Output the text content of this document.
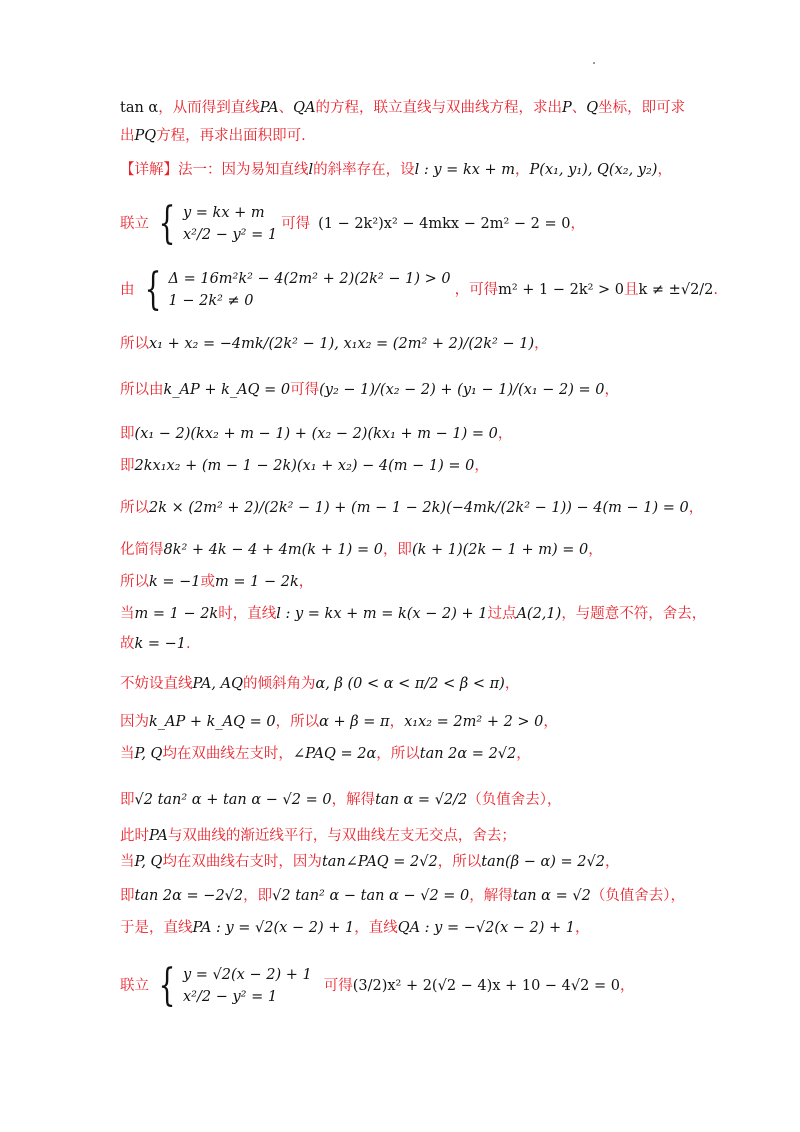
tan α ，从而得到直线 PA 、 QA 的方程，联立直线与双曲线方程，求出 P 、 Q 坐标，即可求
出 PQ 方程，再求出面积即可.
【详解】法一：因为易知直线 l 的斜率存在，设 l : y = kx + m ， P(x₁, y₁), Q(x₂, y₂) ，
联立 { y = kx + m
x²/2 − y² = 1
可得 (1 − 2k²)x² − 4mkx − 2m² − 2 = 0 ，
由 { Δ = 16m²k² − 4(2m² + 2)(2k² − 1) > 0
1 − 2k² ≠ 0
，可得 m² + 1 − 2k² > 0 且 k ≠ ±√2/2 .
所以 x₁ + x₂ = −4mk/(2k² − 1), x₁x₂ = (2m² + 2)/(2k² − 1) ，
所以由 k_AP + k_AQ = 0 可得 (y₂ − 1)/(x₂ − 2) + (y₁ − 1)/(x₁ − 2) = 0 ，
即 (x₁ − 2)(kx₂ + m − 1) + (x₂ − 2)(kx₁ + m − 1) = 0 ，
即 2kx₁x₂ + (m − 1 − 2k)(x₁ + x₂) − 4(m − 1) = 0 ，
所以 2k × (2m² + 2)/(2k² − 1) + (m − 1 − 2k)(−4mk/(2k² − 1)) − 4(m − 1) = 0 ，
化简得 8k² + 4k − 4 + 4m(k + 1) = 0 ，即 (k + 1)(2k − 1 + m) = 0 ，
所以 k = −1 或 m = 1 − 2k ，
当 m = 1 − 2k 时，直线 l : y = kx + m = k(x − 2) + 1 过点 A(2,1) ，与题意不符，舍去，
故 k = −1 .
不妨设直线 PA, AQ 的倾斜角为 α, β (0 < α < π/2 < β < π) ，
因为 k_AP + k_AQ = 0 ，所以 α + β = π ， x₁x₂ = 2m² + 2 > 0 ，
当 P, Q 均在双曲线左支时， ∠PAQ = 2α ，所以 tan 2α = 2√2 ，
即 √2 tan² α + tan α − √2 = 0 ，解得 tan α = √2/2 （负值舍去），
此时 PA 与双曲线的渐近线平行，与双曲线左支无交点，舍去；
当 P, Q 均在双曲线右支时，因为 tan∠PAQ = 2√2 ，所以 tan(β − α) = 2√2 ，
即 tan 2α = −2√2 ，即 √2 tan² α − tan α − √2 = 0 ，解得 tan α = √2 （负值舍去），
于是，直线 PA : y = √2(x − 2) + 1 ，直线 QA : y = −√2(x − 2) + 1 ，
联立 { y = √2(x − 2) + 1
x²/2 − y² = 1
可得 (3/2)x² + 2(√2 − 4)x + 10 − 4√2 = 0 ，
